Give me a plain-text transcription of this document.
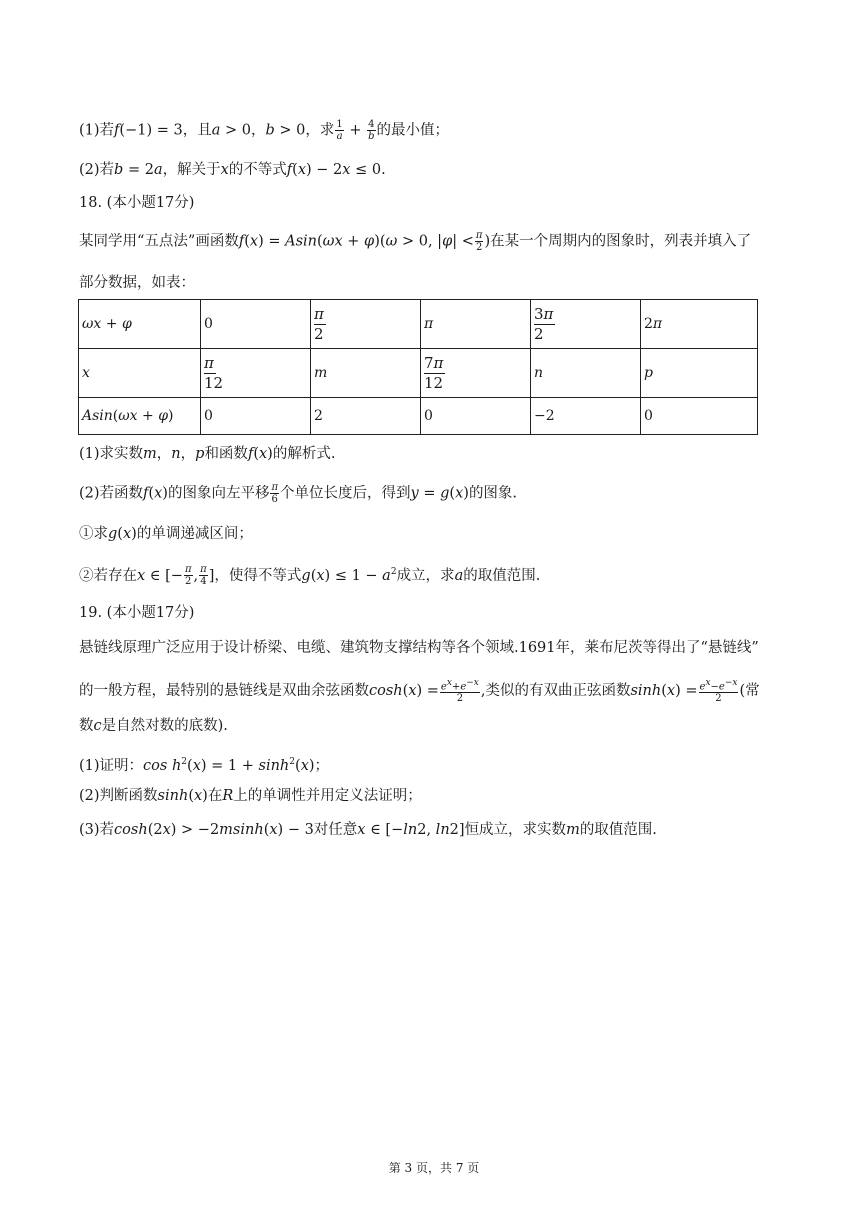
(1)若f(−1) = 3，且a > 0，b > 0，求 $\frac{1}{a} + \frac{4}{b}$ 的最小值；
(2)若b = 2a，解关于x的不等式f(x) − 2x ≤ 0.
18. (本小题17分)
某同学用“五点法”画函数f(x) = Asin(ωx + φ)(ω > 0, $|\varphi| < \frac{\pi}{2}$ )在某一个周期内的图象时，列表并填入了
部分数据，如表：
ωx + φ	0	$\frac{\pi}{2}$	π	$\frac{3\pi}{2}$	2π
x	$\frac{\pi}{12}$	m	$\frac{7\pi}{12}$	n	p
Asin(ωx + φ)	0	2	0	−2	0
(1)求实数m，n，p和函数f(x)的解析式.
(2)若函数f(x)的图象向左平移 $\frac{\pi}{6}$ 个单位长度后，得到y = g(x)的图象.
①求g(x)的单调递减区间；
②若存在x ∈ [− $\frac{\pi}{2}$ , $\frac{\pi}{4}$ ]，使得不等式$g(x) \le 1 - a^2$成立，求a的取值范围.
19. (本小题17分)
悬链线原理广泛应用于设计桥梁、电缆、建筑物支撑结构等各个领域.1691年，莱布尼茨等得出了“悬链线”
的一般方程，最特别的悬链线是双曲余弦函数$\cosh(x) = \frac{e^x+e^{-x}}{2}$ ,类似的有双曲正弦函数$\sinh(x) = \frac{e^x-e^{-x}}{2}$ (常
数c是自然对数的底数).
(1)证明：$\cos h^2(x) = 1 + \sinh^2(x)$；
(2)判断函数sinh(x)在R上的单调性并用定义法证明；
(3)若cosh(2x) > −2msinh(x) − 3对任意x ∈ [−ln2, ln2]恒成立，求实数m的取值范围.
第 3 页，共 7 页
